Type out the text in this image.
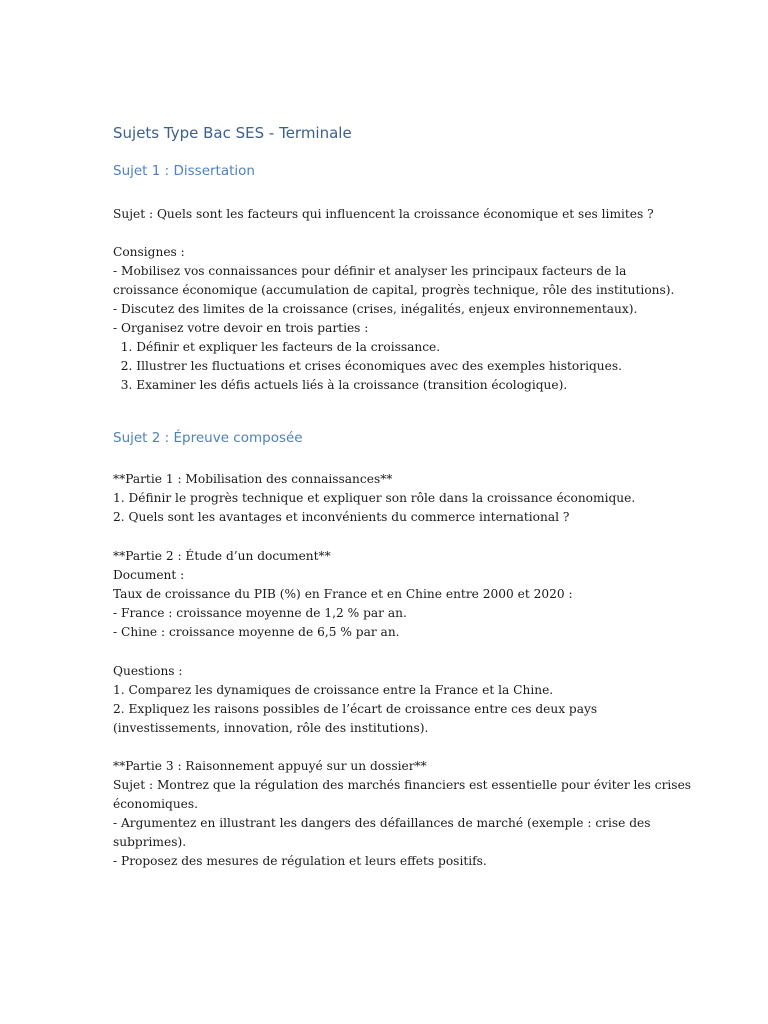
Sujets Type Bac SES - Terminale
Sujet 1 : Dissertation
Sujet : Quels sont les facteurs qui influencent la croissance économique et ses limites ?
Consignes :
- Mobilisez vos connaissances pour définir et analyser les principaux facteurs de la
croissance économique (accumulation de capital, progrès technique, rôle des institutions).
- Discutez des limites de la croissance (crises, inégalités, enjeux environnementaux).
- Organisez votre devoir en trois parties :
1. Définir et expliquer les facteurs de la croissance.
2. Illustrer les fluctuations et crises économiques avec des exemples historiques.
3. Examiner les défis actuels liés à la croissance (transition écologique).
Sujet 2 : Épreuve composée
**Partie 1 : Mobilisation des connaissances**
1. Définir le progrès technique et expliquer son rôle dans la croissance économique.
2. Quels sont les avantages et inconvénients du commerce international ?
**Partie 2 : Étude d’un document**
Document :
Taux de croissance du PIB (%) en France et en Chine entre 2000 et 2020 :
- France : croissance moyenne de 1,2 % par an.
- Chine : croissance moyenne de 6,5 % par an.
Questions :
1. Comparez les dynamiques de croissance entre la France et la Chine.
2. Expliquez les raisons possibles de l’écart de croissance entre ces deux pays
(investissements, innovation, rôle des institutions).
**Partie 3 : Raisonnement appuyé sur un dossier**
Sujet : Montrez que la régulation des marchés financiers est essentielle pour éviter les crises
économiques.
- Argumentez en illustrant les dangers des défaillances de marché (exemple : crise des
subprimes).
- Proposez des mesures de régulation et leurs effets positifs.
